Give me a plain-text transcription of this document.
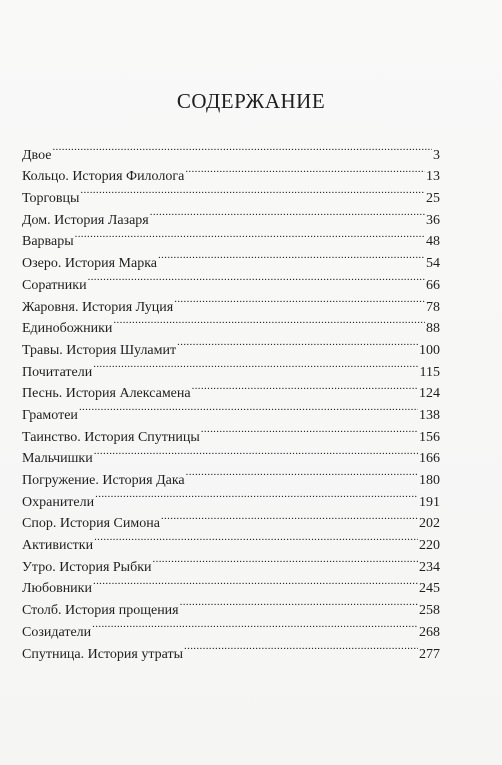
СОДЕРЖАНИЕ
Двое . . .	3
Кольцо. История Филолога . . .	13
Торговцы . . .	25
Дом. История Лазаря . . .	36
Варвары . . .	48
Озеро. История Марка . . .	54
Соратники . . .	66
Жаровня. История Луция . . .	78
Единобожники . . .	88
Травы. История Шуламит . . .	100
Почитатели . . .	115
Песнь. История Алексамена . . .	124
Грамотеи . . .	138
Таинство. История Спутницы . . .	156
Мальчишки . . .	166
Погружение. История Дака . . .	180
Охранители . . .	191
Спор. История Симона . . .	202
Активистки . . .	220
Утро. История Рыбки . . .	234
Любовники . . .	245
Столб. История прощения . . .	258
Созидатели . . .	268
Спутница. История утраты . . .	277
